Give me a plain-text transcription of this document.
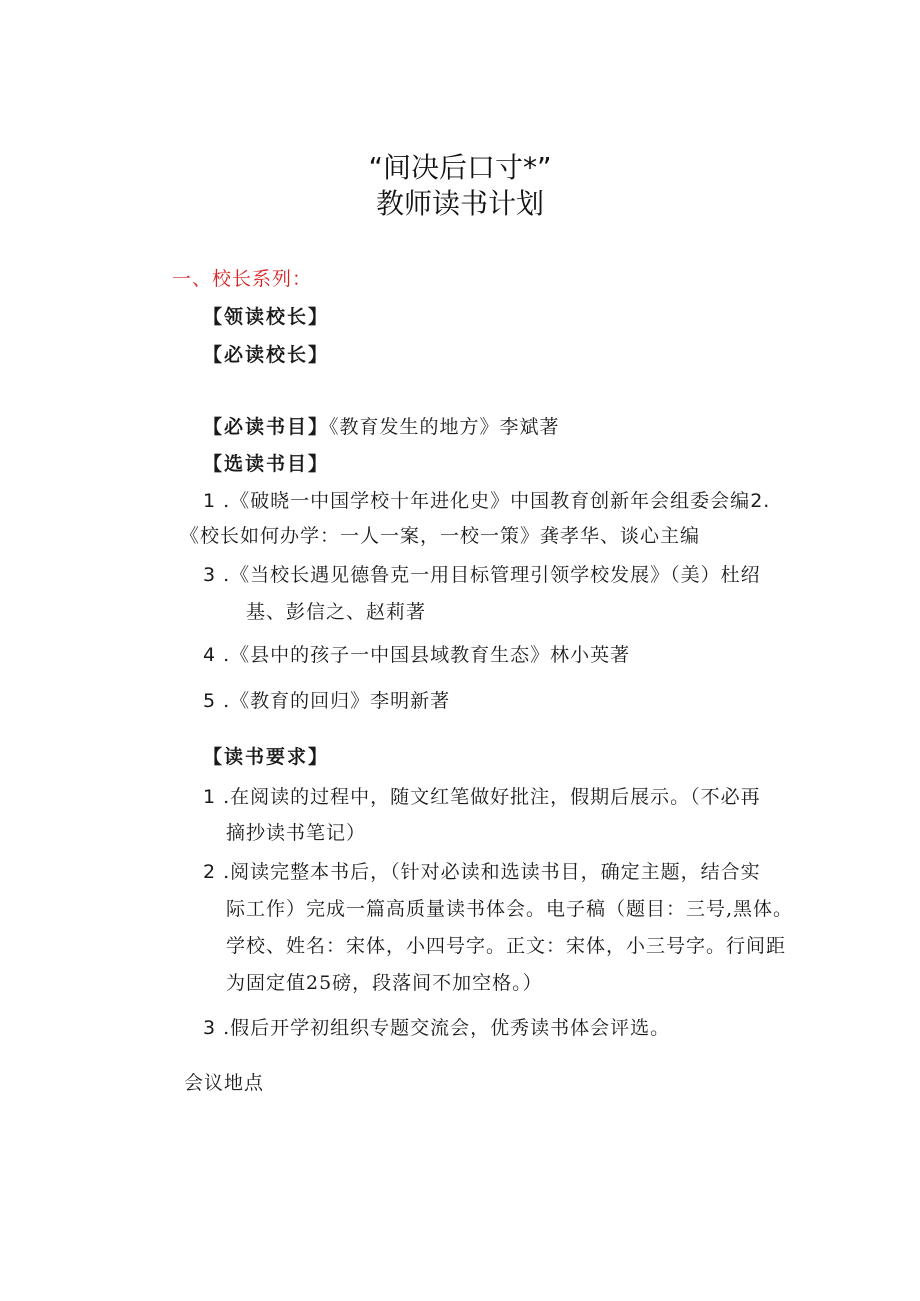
“间决后口寸*”
教师读书计划
一、校长系列：
【领读校长】
【必读校长】
【必读书目】《教育发生的地方》李斌著
【选读书目】
1 .《破晓一中国学校十年进化史》中国教育创新年会组委会编2.
《校长如何办学：一人一案，一校一策》龚孝华、谈心主编
3 .《当校长遇见德鲁克一用目标管理引领学校发展》（美）杜绍
基、彭信之、赵莉著
4 .《县中的孩子一中国县域教育生态》林小英著
5 .《教育的回归》李明新著
【读书要求】
1 .在阅读的过程中，随文红笔做好批注，假期后展示。（不必再
摘抄读书笔记）
2 .阅读完整本书后，（针对必读和选读书目，确定主题，结合实
际工作）完成一篇高质量读书体会。电子稿（题目：三号,黑体。
学校、姓名：宋体，小四号字。正文：宋体，小三号字。行间距
为固定值25磅，段落间不加空格。）
3 .假后开学初组织专题交流会，优秀读书体会评选。
会议地点
